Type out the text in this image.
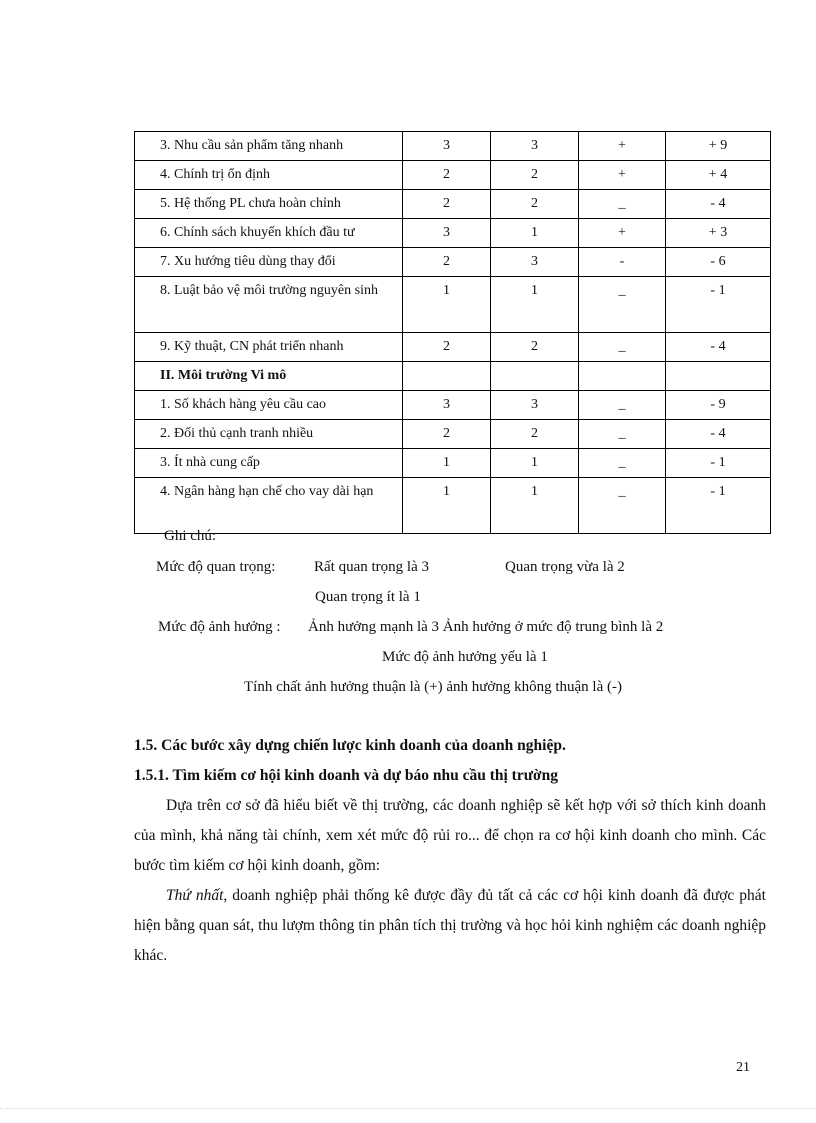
3. Nhu cầu sản phẩm tăng nhanh	3	3	+	+ 9
4. Chính trị ổn định	2	2	+	+ 4
5. Hệ thống PL chưa hoàn chỉnh	2	2	_	- 4
6. Chính sách khuyến khích đầu tư	3	1	+	+ 3
7. Xu hướng tiêu dùng thay đổi	2	3	-	- 6
8. Luật bảo vệ môi trường nguyên sinh	1	1	_	- 1
9. Kỹ thuật, CN phát triển nhanh	2	2	_	- 4
II. Môi trường Vi mô				
1. Số khách hàng yêu cầu cao	3	3	_	- 9
2. Đối thủ cạnh tranh nhiều	2	2	_	- 4
3. Ít nhà cung cấp	1	1	_	- 1
4. Ngân hàng hạn chế cho vay dài hạn	1	1	_	- 1
Ghi chú:
Mức độ quan trọng:	Rất quan trọng là 3	Quan trọng vừa là 2
Quan trọng ít là 1
Mức độ ảnh hưởng : Ảnh hưởng mạnh là 3 Ảnh hưởng ở mức độ trung bình là 2
Mức độ ảnh hưởng yếu là 1
Tính chất ảnh hưởng thuận là (+) ảnh hưởng không thuận là (-)
1.5. Các bước xây dựng chiến lược kinh doanh của doanh nghiệp.
1.5.1. Tìm kiếm cơ hội kinh doanh và dự báo nhu cầu thị trường

Dựa trên cơ sở đã hiểu biết về thị trường, các doanh nghiệp sẽ kết hợp với sở thích kinh doanh của mình, khả năng tài chính, xem xét mức độ rủi ro... để chọn ra cơ hội kinh doanh cho mình. Các bước tìm kiếm cơ hội kinh doanh, gồm:

Thứ nhất, doanh nghiệp phải thống kê được đầy đủ tất cả các cơ hội kinh doanh đã được phát hiện bằng quan sát, thu lượm thông tin phân tích thị trường và học hỏi kinh nghiệm các doanh nghiệp khác.

21
